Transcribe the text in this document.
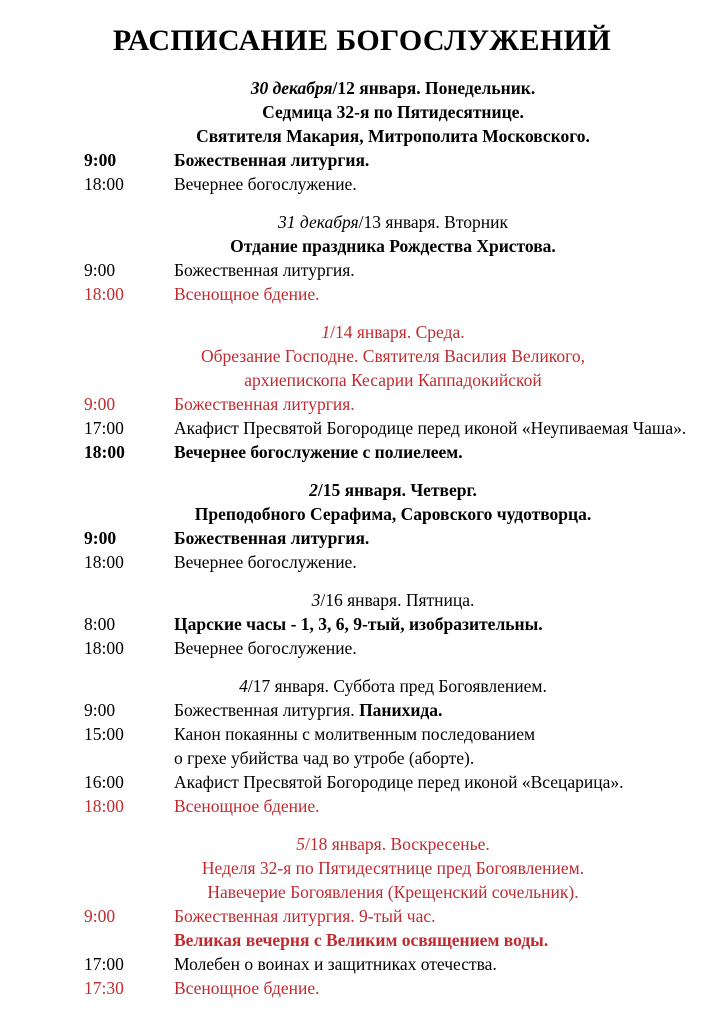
РАСПИСАНИЕ БОГОСЛУЖЕНИЙ
30 декабря/12 января. Понедельник.
Седмица 32-я по Пятидесятнице.
Святителя Макария, Митрополита Московского.
9:00	Божественная литургия.
18:00	Вечернее богослужение.
31 декабря/13 января. Вторник
Отдание праздника Рождества Христова.
9:00	Божественная литургия.
18:00	Всенощное бдение.
1/14 января. Среда.
Обрезание Господне. Святителя Василия Великого,
архиепископа Кесарии Каппадокийской
9:00	Божественная литургия.
17:00	Акафист Пресвятой Богородице перед иконой «Неупиваемая Чаша».
18:00	Вечернее богослужение с полиелеем.
2/15 января. Четверг.
Преподобного Серафима, Саровского чудотворца.
9:00	Божественная литургия.
18:00	Вечернее богослужение.
3/16 января. Пятница.
8:00	Царские часы - 1, 3, 6, 9-тый, изобразительны.
18:00	Вечернее богослужение.
4/17 января. Суббота пред Богоявлением.
9:00	Божественная литургия. Панихида.
15:00	Канон покаянны с молитвенным последованием
о грехе убийства чад во утробе (аборте).
16:00	Акафист Пресвятой Богородице перед иконой «Всецарица».
18:00	Всенощное бдение.
5/18 января. Воскресенье.
Неделя 32-я по Пятидесятнице пред Богоявлением.
Навечерие Богоявления (Крещенский сочельник).
9:00	Божественная литургия. 9-тый час.
Великая вечерня с Великим освящением воды.
17:00	Молебен о воинах и защитниках отечества.
17:30	Всенощное бдение.
